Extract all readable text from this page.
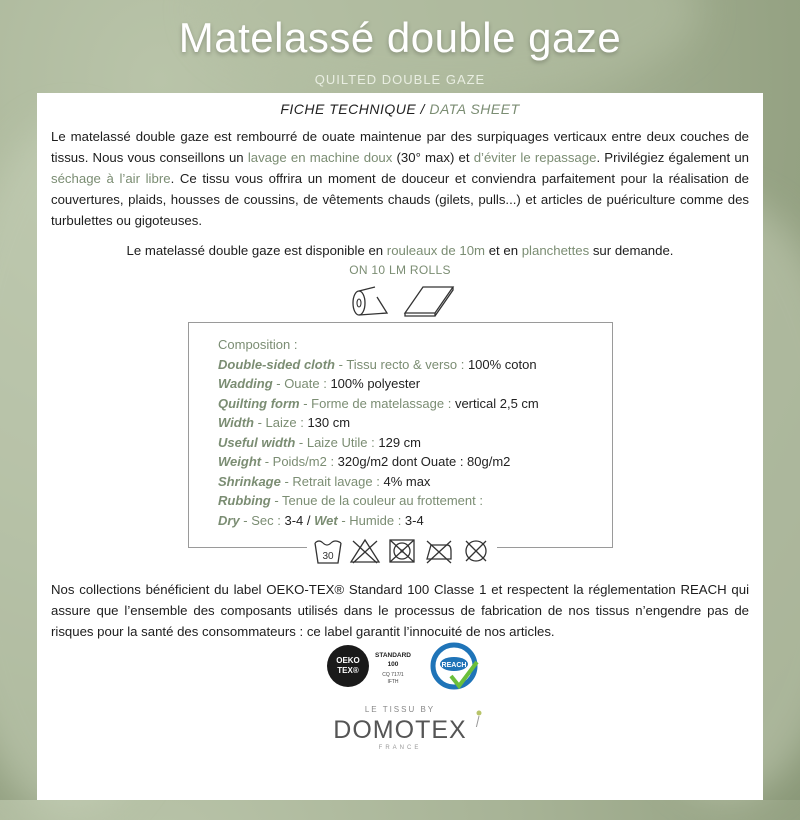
Matelassé double gaze
QUILTED DOUBLE GAZE
FICHE TECHNIQUE / DATA SHEET
Le matelassé double gaze est rembourré de ouate maintenue par des surpiquages verticaux entre deux couches de tissus. Nous vous conseillons un lavage en machine doux (30° max) et d’éviter le repassage. Privilégiez également un séchage à l’air libre. Ce tissu vous offrira un moment de douceur et conviendra parfaitement pour la réalisation de couvertures, plaids, housses de coussins, de vêtements chauds (gilets, pulls...) et articles de puériculture comme des turbulettes ou gigoteuses.
Le matelassé double gaze est disponible en rouleaux de 10m et en planchettes sur demande.
ON 10 LM ROLLS
Composition :
Double-sided cloth - Tissu recto & verso : 100% coton
Wadding - Ouate : 100% polyester
Quilting form - Forme de matelassage : vertical 2,5 cm
Width - Laize : 130 cm
Useful width - Laize Utile : 129 cm
Weight - Poids/m2 : 320g/m2 dont Ouate : 80g/m2
Shrinkage - Retrait lavage : 4% max
Rubbing - Tenue de la couleur au frottement :
Dry - Sec : 3-4 / Wet - Humide : 3-4
30
Nos collections bénéficient du label OEKO-TEX® Standard 100 Classe 1 et respectent la réglementation REACH qui assure que l’ensemble des composants utilisés dans le processus de fabrication de nos tissus n’engendre pas de risques pour la santé des consommateurs : ce label garantit l’innocuité de nos articles.
OEKO
TEX®
STANDARD
100
CQ 717/1
IFTH
REACH
LE TISSU BY
DOMOTEX
FRANCE
